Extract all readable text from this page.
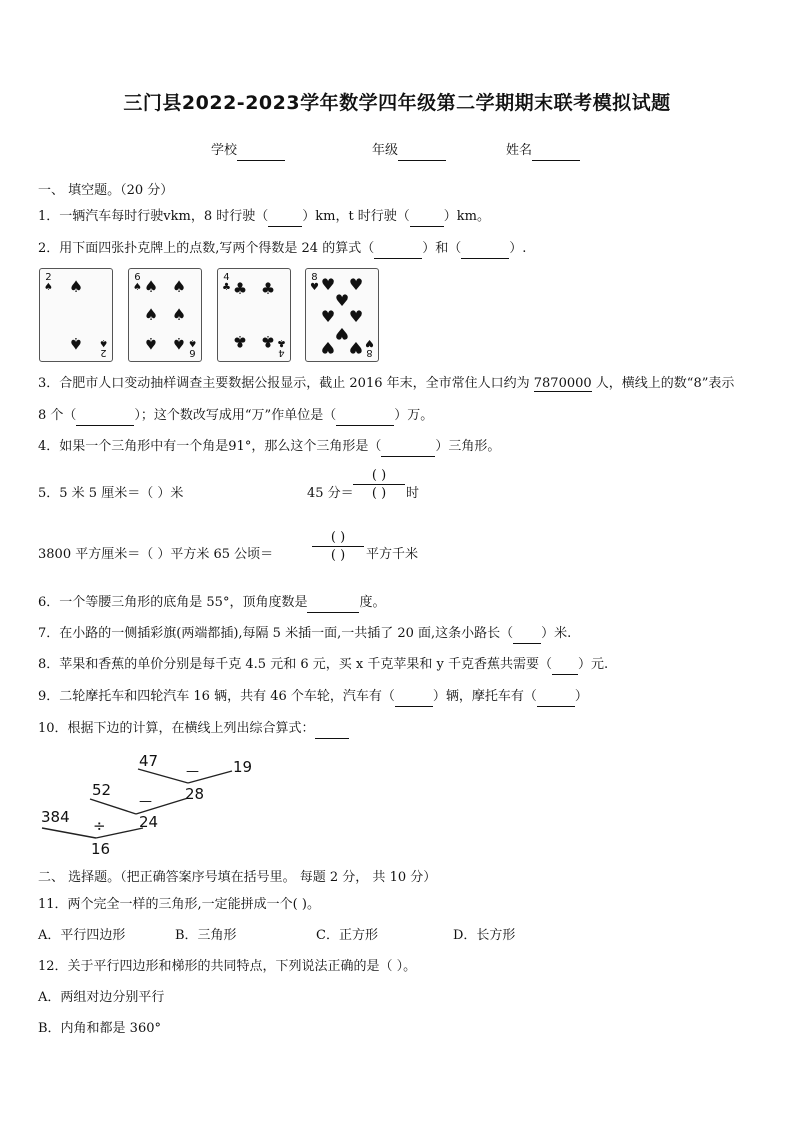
三门县2022-2023学年数学四年级第二学期期末联考模拟试题
学校	年级	姓名
一、 填空题。（20 分）
1．一辆汽车每时行驶vkm，8 时行驶（	）km，t 时行驶（	）km。
2．用下面四张扑克牌上的点数,写两个得数是 24 的算式（	）和（	）.
2
♠ ♠
♠ 2
♠
6
♠ ♠ ♠
♠ ♠
♠ ♠ 6
♠
4
♣ ♣ ♣
♣ ♣
4
♣
8
♥ ♥ ♥
♥
♥ ♥
♥
♥ ♥ 8
♥
3．合肥市人口变动抽样调查主要数据公报显示，截止 2016 年末，全市常住人口约为 7870000 人，横线上的数“8”表示
8 个（	）；这个数改写成用“万”作单位是（	）万。
4．如果一个三角形中有一个角是91°，那么这个三角形是（	）三角形。
5．5 米 5 厘米＝（ ）米	45 分＝
( )
( )	时
3800 平方厘米＝（ ）平方米 65 公顷＝
( )
( )	平方千米
6．一个等腰三角形的底角是 55°，顶角度数是	度。
7．在小路的一侧插彩旗(两端都插),每隔 5 米插一面,一共插了 20 面,这条小路长（ ）米.
8．苹果和香蕉的单价分别是每千克 4.5 元和 6 元，买 x 千克苹果和 y 千克香蕉共需要（ ）元.
9．二轮摩托车和四轮汽车 16 辆，共有 46 个车轮，汽车有（	）辆，摩托车有（	）
10．根据下边的计算，在横线上列出综合算式：
47	19
—
28
52
—
384 ÷ 24
16
二、 选择题。（把正确答案序号填在括号里。 每题 2 分， 共 10 分）
11．两个完全一样的三角形,一定能拼成一个( )。
A．平行四边形	B．三角形	C．正方形	D．长方形
12．关于平行四边形和梯形的共同特点，下列说法正确的是（ ）。
A．两组对边分别平行
B．内角和都是 360°
